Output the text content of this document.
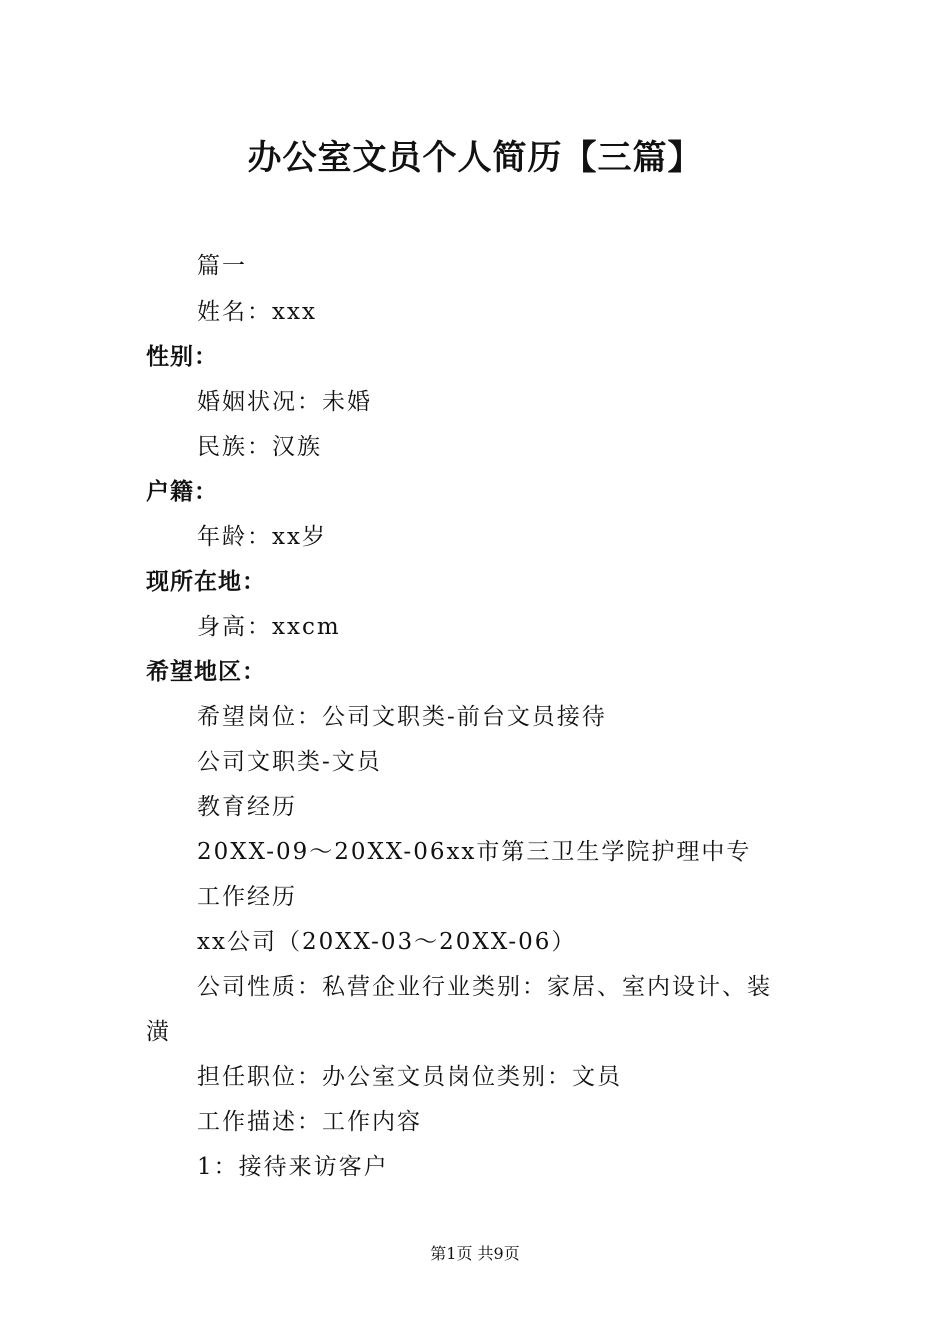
办公室文员个人简历【三篇】
篇一
姓名：xxx
性别：
婚姻状况：未婚
民族：汉族
户籍：
年龄：xx岁
现所在地：
身高：xxcm
希望地区：
希望岗位：公司文职类-前台文员接待
公司文职类-文员
教育经历
20XX-09～20XX-06xx市第三卫生学院护理中专
工作经历
xx公司（20XX-03～20XX-06）
公司性质：私营企业行业类别：家居、室内设计、装
潢
担任职位：办公室文员岗位类别：文员
工作描述：工作内容
1：接待来访客户
第1页 共9页
